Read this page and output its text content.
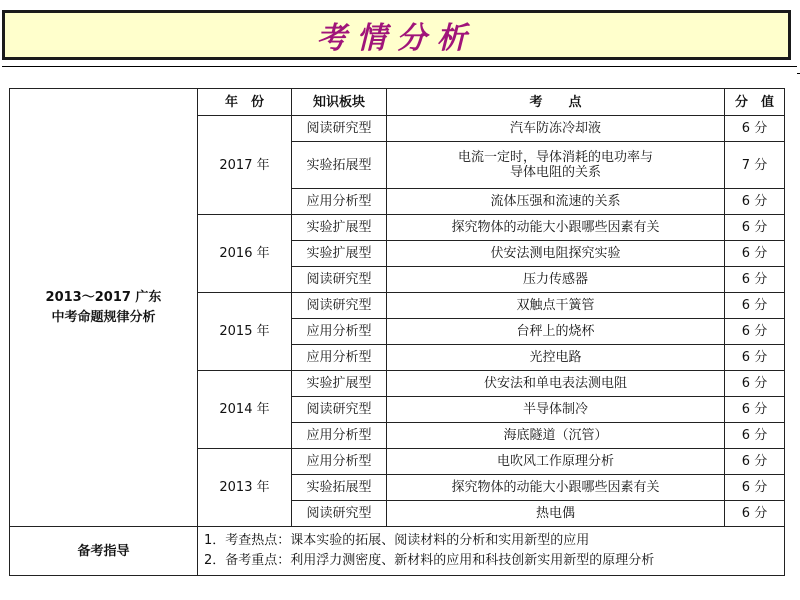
考情分析
2013～2017 广东
中考命题规律分析	年　份	知识板块	考　　点	分　值
	2017 年	阅读研究型	汽车防冻冷却液	6 分
		实验拓展型	电流一定时，导体消耗的电功率与
导体电阻的关系	7 分
		应用分析型	流体压强和流速的关系	6 分
	2016 年	实验扩展型	探究物体的动能大小跟哪些因素有关	6 分
		实验扩展型	伏安法测电阻探究实验	6 分
		阅读研究型	压力传感器	6 分
	2015 年	阅读研究型	双触点干簧管	6 分
		应用分析型	台秤上的烧杯	6 分
		应用分析型	光控电路	6 分
	2014 年	实验扩展型	伏安法和单电表法测电阻	6 分
		阅读研究型	半导体制冷	6 分
		应用分析型	海底隧道（沉管）	6 分
	2013 年	应用分析型	电吹风工作原理分析	6 分
		实验拓展型	探究物体的动能大小跟哪些因素有关	6 分
		阅读研究型	热电偶	6 分
备考指导	1．考查热点：课本实验的拓展、阅读材料的分析和实用新型的应用
2．备考重点：利用浮力测密度、新材料的应用和科技创新实用新型的原理分析			
